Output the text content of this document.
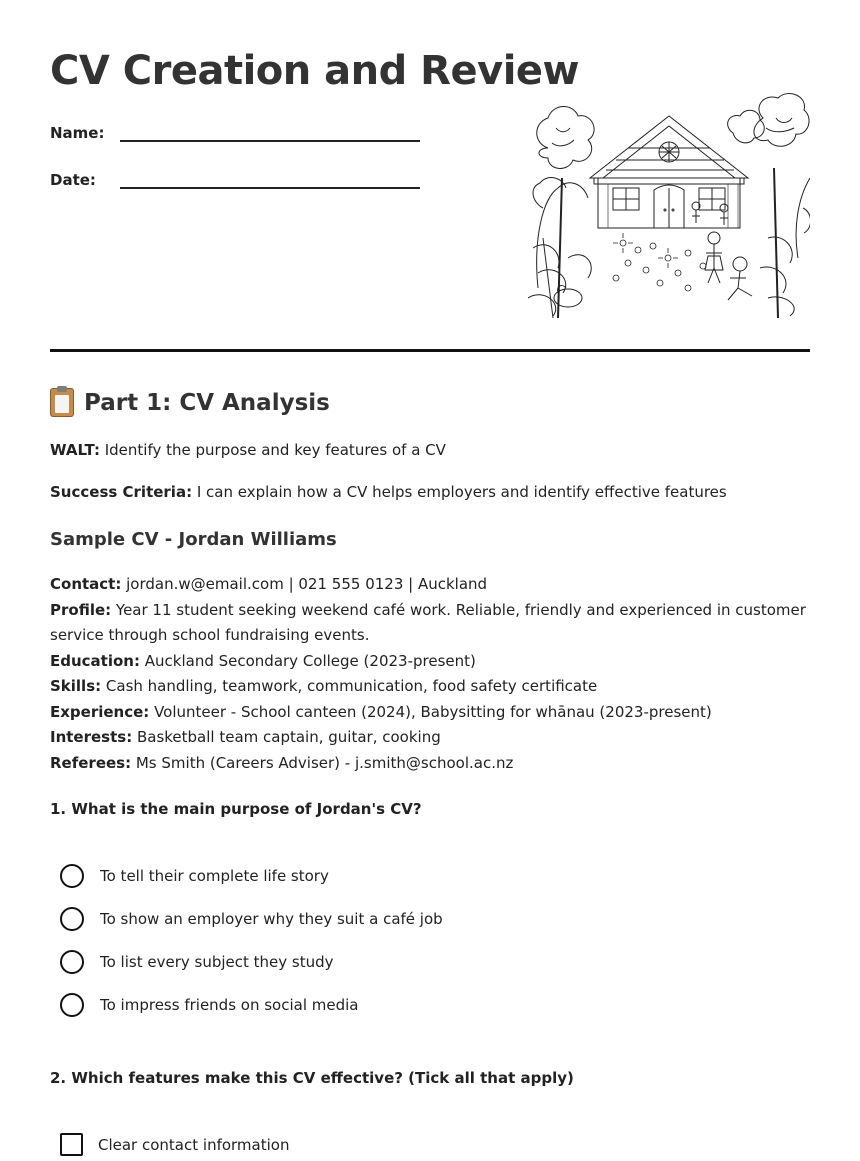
CV Creation and Review
Name:
Date:
Part 1: CV Analysis

WALT: Identify the purpose and key features of a CV

Success Criteria: I can explain how a CV helps employers and identify effective features

Sample CV - Jordan Williams
Contact: jordan.w@email.com | 021 555 0123 | Auckland
Profile: Year 11 student seeking weekend café work. Reliable, friendly and experienced in customer service through school fundraising events.
Education: Auckland Secondary College (2023-present)
Skills: Cash handling, teamwork, communication, food safety certificate
Experience: Volunteer - School canteen (2024), Babysitting for whānau (2023-present)
Interests: Basketball team captain, guitar, cooking
Referees: Ms Smith (Careers Adviser) - j.smith@school.ac.nz

1. What is the main purpose of Jordan's CV?

To tell their complete life story
To show an employer why they suit a café job
To list every subject they study
To impress friends on social media

2. Which features make this CV effective? (Tick all that apply)

Clear contact information
